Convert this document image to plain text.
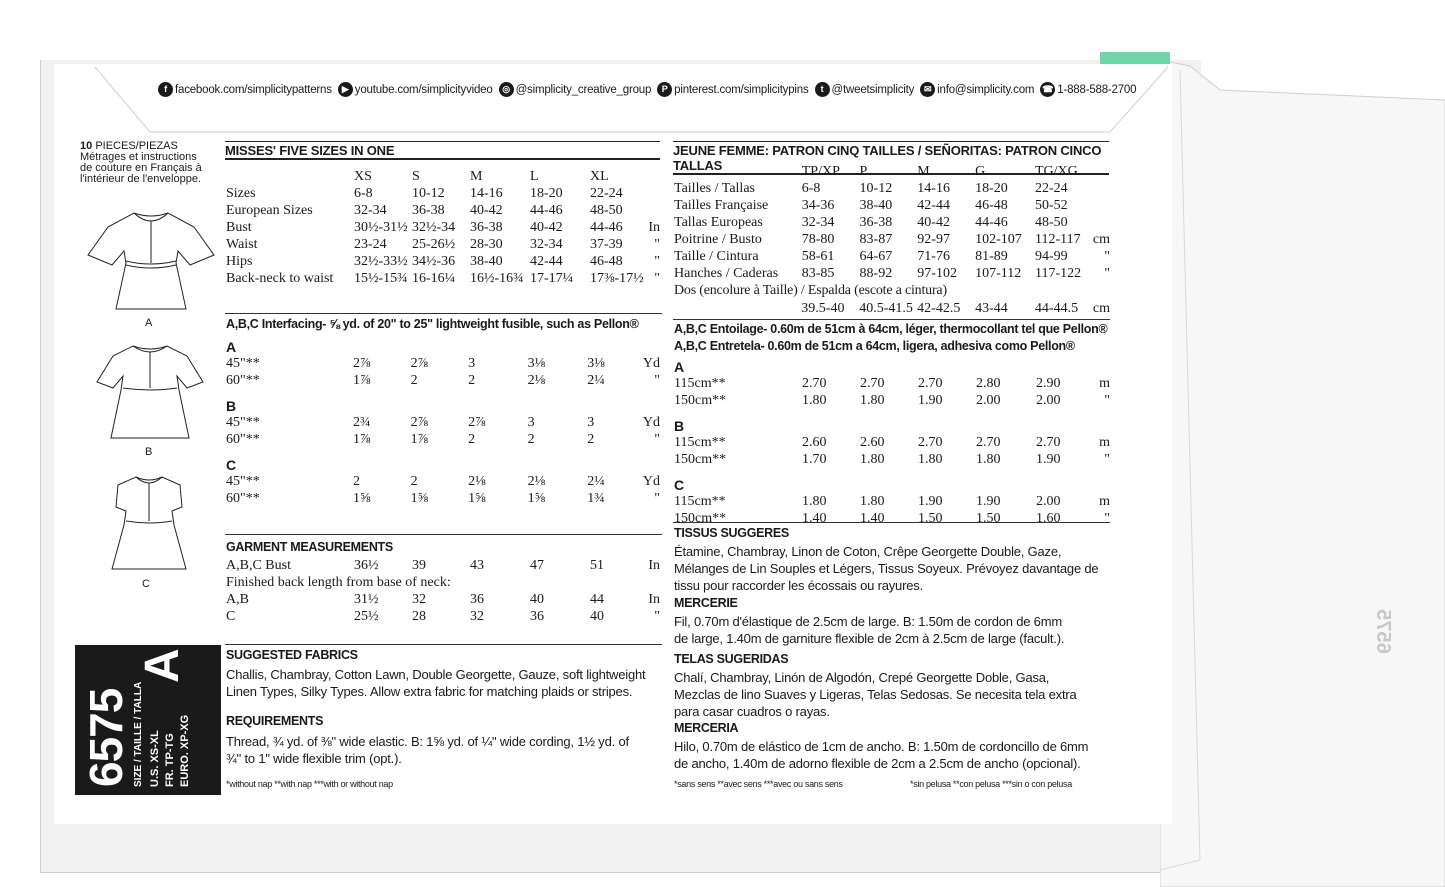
f facebook.com/simplicitypatterns	▶ youtube.com/simplicityvideo	◎ @simplicity_creative_group	P pinterest.com/simplicitypins	t @tweetsimplicity	✉ info@simplicity.com ☎ 1-888-588-2700
10 PIECES/PIEZAS
Métrages et instructions
de couture en Français à
l'intérieur de l'enveloppe.
A
B
C
MISSES' FIVE SIZES IN ONE
	XS	S	M	L	XL	
Sizes	6-8	10-12	14-16	18-20	22-24	
European Sizes	32-34	36-38	40-42	44-46	48-50	
Bust	30½-31½	32½-34	36-38	40-42	44-46	In
Waist	23-24	25-26½	28-30	32-34	37-39	"
Hips	32½-33½	34½-36	38-40	42-44	46-48	"
Back-neck to waist	15½-15¾	16-16¼	16½-16¾	17-17¼	17⅜-17½	"
A,B,C Interfacing- ⅝ yd. of 20" to 25" lightweight fusible, such as Pellon®
A						
45"**	2⅞	2⅞	3	3⅛	3⅛	Yd
60"**	1⅞	2	2	2⅛	2¼	"

B						
45"**	2¾	2⅞	2⅞	3	3	Yd
60"**	1⅞	1⅞	2	2	2	"

C						
45"**	2	2	2⅛	2⅛	2¼	Yd
60"**	1⅝	1⅝	1⅝	1⅝	1¾	"
GARMENT MEASUREMENTS
A,B,C Bust	36½	39	43	47	51	In
Finished back length from base of neck:						
A,B	31½	32	36	40	44	In
C	25½	28	32	36	40	"
SUGGESTED FABRICS
Challis, Chambray, Cotton Lawn, Double Georgette, Gauze, soft lightweight
Linen Types, Silky Types. Allow extra fabric for matching plaids or stripes.
REQUIREMENTS
Thread, ¾ yd. of ⅜" wide elastic. B: 1⅝ yd. of ¼" wide cording, 1½ yd. of
¾" to 1" wide flexible trim (opt.).
*without nap **with nap ***with or without nap
JEUNE FEMME: PATRON CINQ TAILLES / SEÑORITAS: PATRON CINCO TALLAS
		TP/XP	P	M	G	TG/XG	
Tailles / Tallas	6-8	10-12	14-16	18-20	22-24	
Tailles Française	34-36	38-40	42-44	46-48	50-52	
Tallas Europeas	32-34	36-38	40-42	44-46	48-50	
Poitrine / Busto	78-80	83-87	92-97	102-107	112-117	cm
Taille / Cintura	58-61	64-67	71-76	81-89	94-99	"
Hanches / Caderas	83-85	88-92	97-102	107-112	117-122	"
Dos (encolure à Taille) / Espalda (escote a cintura)
	39.5-40	40.5-41.5	42-42.5	43-44	44-44.5	cm
A,B,C Entoilage- 0.60m de 51cm à 64cm, léger, thermocollant tel que Pellon®
A,B,C Entretela- 0.60m de 51cm a 64cm, ligera, adhesiva como Pellon®
A						
115cm**	2.70	2.70	2.70	2.80	2.90	m
150cm**	1.80	1.80	1.90	2.00	2.00	"

B						
115cm**	2.60	2.60	2.70	2.70	2.70	m
150cm**	1.70	1.80	1.80	1.80	1.90	"

C						
115cm**	1.80	1.80	1.90	1.90	2.00	m
150cm**	1.40	1.40	1.50	1.50	1.60	"
TISSUS SUGGERES
Étamine, Chambray, Linon de Coton, Crêpe Georgette Double, Gaze,
Mélanges de Lin Souples et Légers, Tissus Soyeux. Prévoyez davantage de
tissu pour raccorder les écossais ou rayures.
MERCERIE
Fil, 0.70m d'élastique de 2.5cm de large. B: 1.50m de cordon de 6mm
de large, 1.40m de garniture flexible de 2cm à 2.5cm de large (facult.).
TELAS SUGERIDAS
Chalí, Chambray, Linón de Algodón, Crepé Georgette Doble, Gasa,
Mezclas de lino Suaves y Ligeras, Telas Sedosas. Se necesita tela extra
para casar cuadros o rayas.
MERCERIA
Hilo, 0.70m de elástico de 1cm de ancho. B: 1.50m de cordoncillo de 6mm
de ancho, 1.40m de adorno flexible de 2cm a 2.5cm de ancho (opcional).
*sans sens **avec sens ***avec ou sans sens	*sin pelusa **con pelusa ***sin o con pelusa
6575 SIZE / TAILLE / TALLA U.S. XS-XL FR. TP-TG EURO. XP-XG
A
6575
